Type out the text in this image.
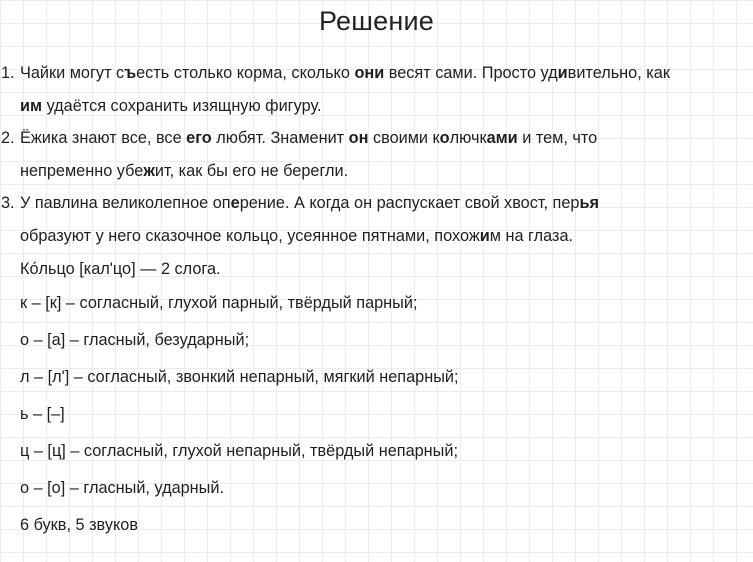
Решение
1. Чайки могут съесть столько корма, сколько они весят сами. Просто удивительно, как
им удаётся сохранить изящную фигуру.
2. Ёжика знают все, все его любят. Знаменит он своими колючками и тем, что
непременно убежит, как бы его не берегли.
3. У павлина великолепное оперение. А когда он распускает свой хвост, перья
образуют у него сказочное кольцо, усеянное пятнами, похожим на глаза.
Ко́льцо [кал'цо] — 2 слога.
к – [к] – согласный, глухой парный, твёрдый парный;
о – [а] – гласный, безударный;
л – [л'] – согласный, звонкий непарный, мягкий непарный;
ь – [–]
ц – [ц] – согласный, глухой непарный, твёрдый непарный;
о – [о] – гласный, ударный.
6 букв, 5 звуков
